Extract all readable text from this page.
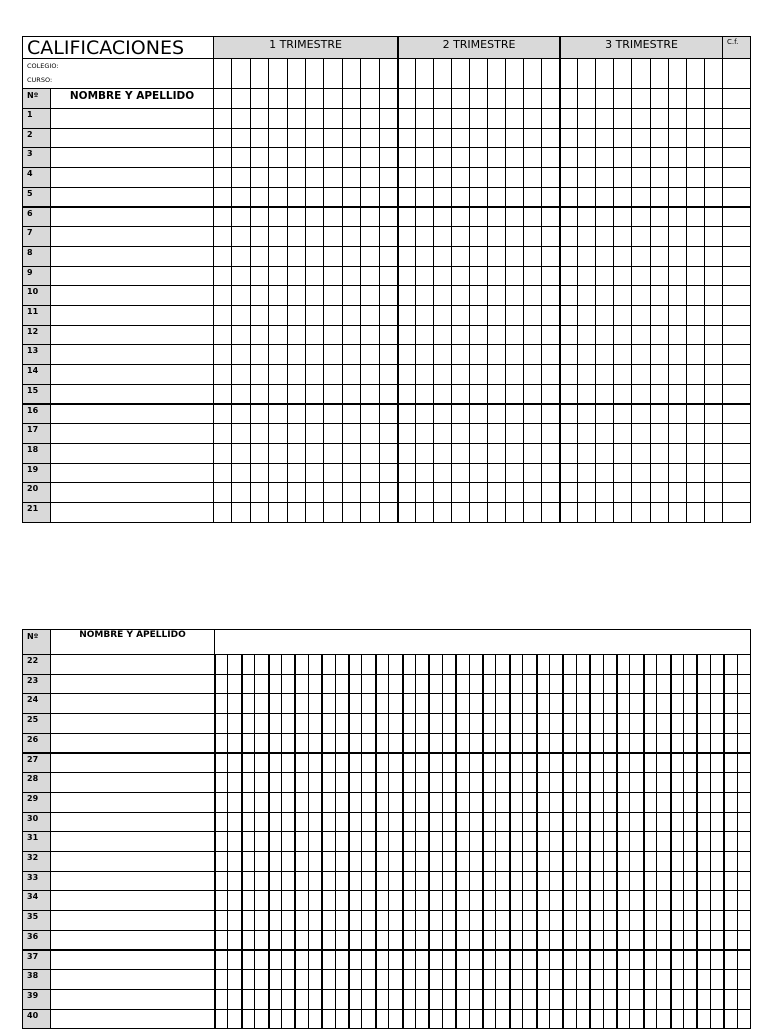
CALIFICACIONES	1 TRIMESTRE	2 TRIMESTRE	3 TRIMESTRE	C.f.
COLEGIO:
CURSO:
Nº	NOMBRE Y APELLIDO
1
2
3
4
5
6
7
8
9
10
11
12
13
14
15
16
17
18
19
20
21
Nº	NOMBRE Y APELLIDO
22
23
24
25
26
27
28
29
30
31
32
33
34
35
36
37
38
39
40
